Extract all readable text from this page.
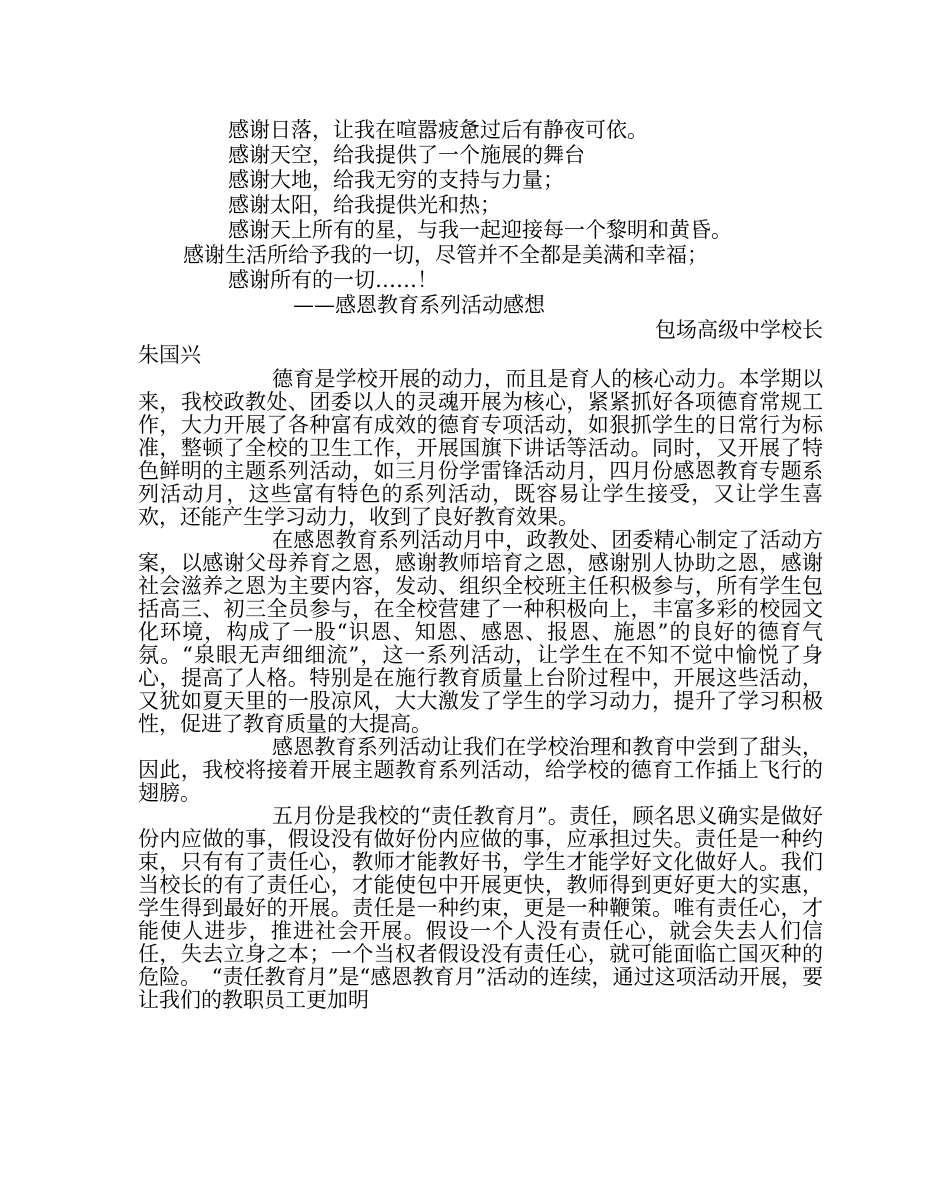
感谢日落，让我在喧嚣疲惫过后有静夜可依。
感谢天空，给我提供了一个施展的舞台
感谢大地，给我无穷的支持与力量；
感谢太阳，给我提供光和热；
感谢天上所有的星，与我一起迎接每一个黎明和黄昏。
感谢生活所给予我的一切，尽管并不全都是美满和幸福；
感谢所有的一切……！
——感恩教育系列活动感想
包场高级中学校长

朱国兴

德育是学校开展的动力，而且是育人的核心动力。本学期以来，我校政教处、团委以人的灵魂开展为核心，紧紧抓好各项德育常规工作，大力开展了各种富有成效的德育专项活动，如狠抓学生的日常行为标准，整顿了全校的卫生工作，开展国旗下讲话等活动。同时，又开展了特色鲜明的主题系列活动，如三月份学雷锋活动月，四月份感恩教育专题系列活动月，这些富有特色的系列活动，既容易让学生接受，又让学生喜欢，还能产生学习动力，收到了良好教育效果。

在感恩教育系列活动月中，政教处、团委精心制定了活动方案，以感谢父母养育之恩，感谢教师培育之恩，感谢别人协助之恩，感谢社会滋养之恩为主要内容，发动、组织全校班主任积极参与，所有学生包括高三、初三全员参与，在全校营建了一种积极向上，丰富多彩的校园文化环境，构成了一股“识恩、知恩、感恩、报恩、施恩”的良好的德育气氛。“泉眼无声细细流”，这一系列活动，让学生在不知不觉中愉悦了身心，提高了人格。特别是在施行教育质量上台阶过程中，开展这些活动，又犹如夏天里的一股凉风，大大激发了学生的学习动力，提升了学习积极性，促进了教育质量的大提高。

感恩教育系列活动让我们在学校治理和教育中尝到了甜头，因此，我校将接着开展主题教育系列活动，给学校的德育工作插上飞行的翅膀。

五月份是我校的“责任教育月”。责任，顾名思义确实是做好份内应做的事，假设没有做好份内应做的事，应承担过失。责任是一种约束，只有有了责任心，教师才能教好书，学生才能学好文化做好人。我们当校长的有了责任心，才能使包中开展更快，教师得到更好更大的实惠，学生得到最好的开展。责任是一种约束，更是一种鞭策。唯有责任心，才能使人进步，推进社会开展。假设一个人没有责任心，就会失去人们信任，失去立身之本；一个当权者假设没有责任心，就可能面临亡国灭种的危险。　“责任教育月”是“感恩教育月”活动的连续，通过这项活动开展，要让我们的教职员工更加明
